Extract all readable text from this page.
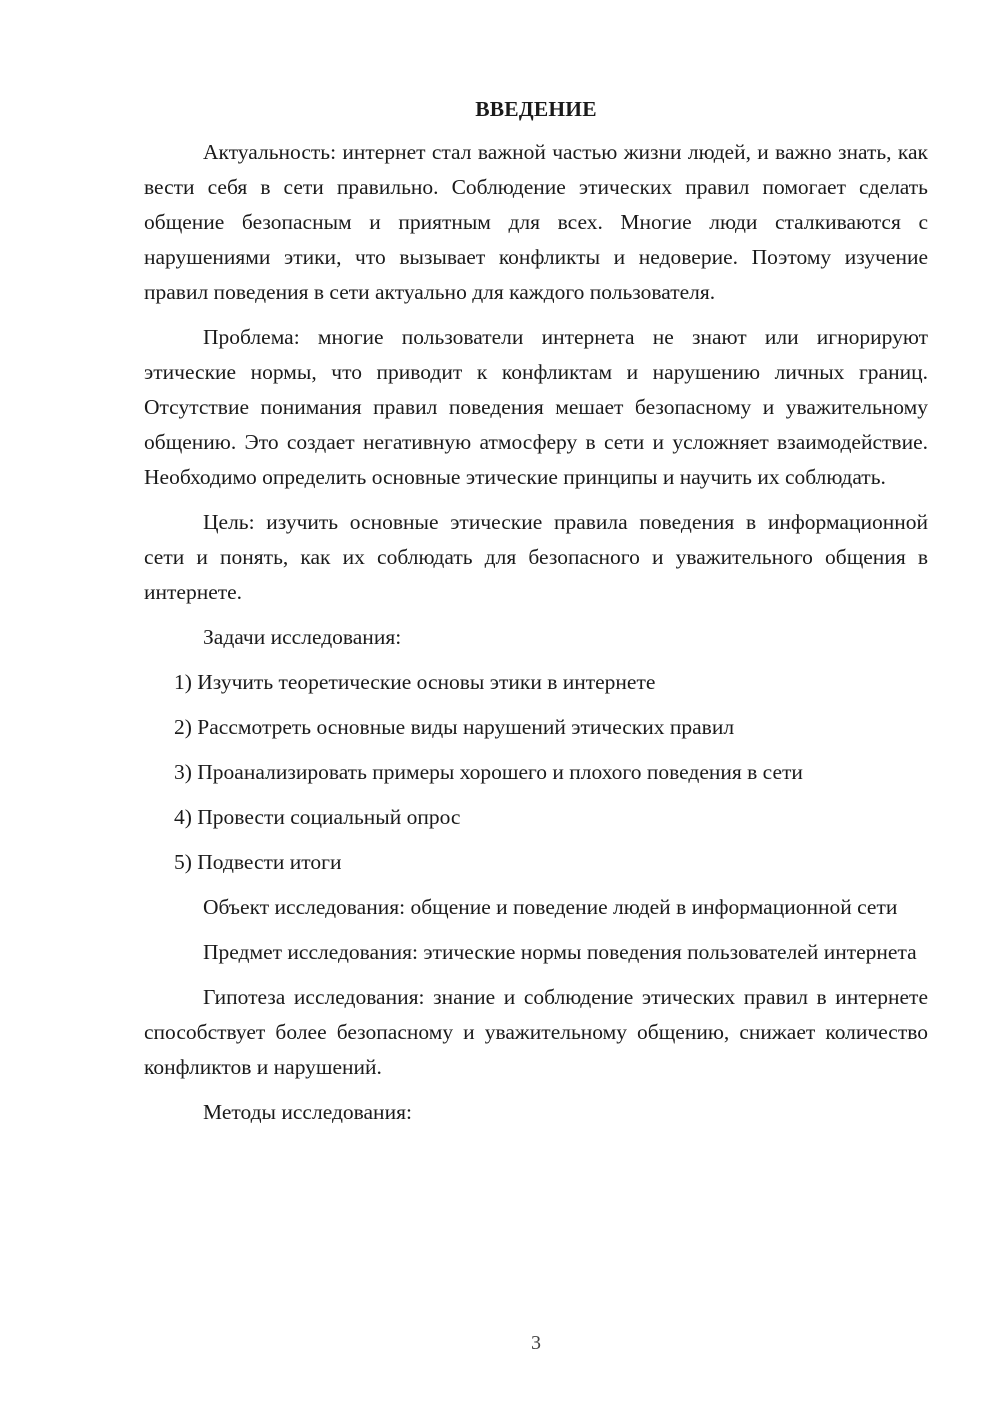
ВВЕДЕНИЕ

Актуальность: интернет стал важной частью жизни людей, и важно знать, как вести себя в сети правильно. Соблюдение этических правил помогает сделать общение безопасным и приятным для всех. Многие люди сталкиваются с нарушениями этики, что вызывает конфликты и недоверие. Поэтому изучение правил поведения в сети актуально для каждого пользователя.

Проблема: многие пользователи интернета не знают или игнорируют этические нормы, что приводит к конфликтам и нарушению личных границ. Отсутствие понимания правил поведения мешает безопасному и уважительному общению. Это создает негативную атмосферу в сети и усложняет взаимодействие. Необходимо определить основные этические принципы и научить их соблюдать.

Цель: изучить основные этические правила поведения в информационной сети и понять, как их соблюдать для безопасного и уважительного общения в интернете.

Задачи исследования:

1) Изучить теоретические основы этики в интернете
2) Рассмотреть основные виды нарушений этических правил
3) Проанализировать примеры хорошего и плохого поведения в сети
4) Провести социальный опрос
5) Подвести итоги

Объект исследования: общение и поведение людей в информационной сети

Предмет исследования: этические нормы поведения пользователей интернета

Гипотеза исследования: знание и соблюдение этических правил в интернете способствует более безопасному и уважительному общению, снижает количество конфликтов и нарушений.

Методы исследования:

3
